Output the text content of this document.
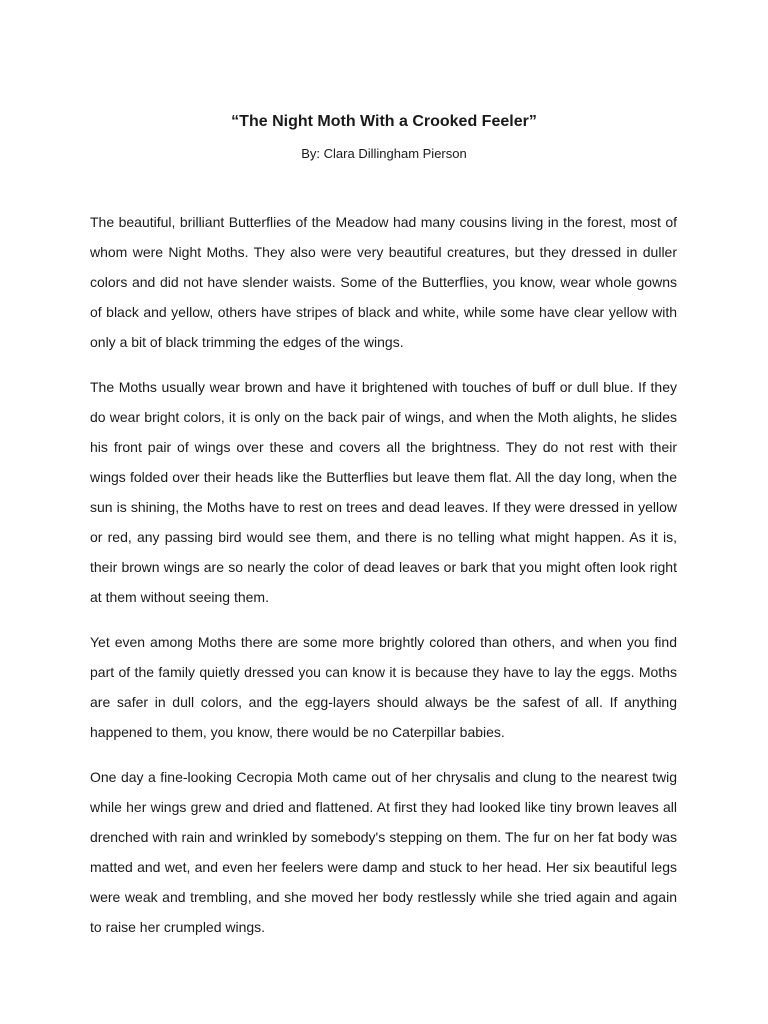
“The Night Moth With a Crooked Feeler”

By: Clara Dillingham Pierson

The beautiful, brilliant Butterflies of the Meadow had many cousins living in the forest, most of whom were Night Moths. They also were very beautiful creatures, but they dressed in duller colors and did not have slender waists. Some of the Butterflies, you know, wear whole gowns of black and yellow, others have stripes of black and white, while some have clear yellow with only a bit of black trimming the edges of the wings.

The Moths usually wear brown and have it brightened with touches of buff or dull blue. If they do wear bright colors, it is only on the back pair of wings, and when the Moth alights, he slides his front pair of wings over these and covers all the brightness. They do not rest with their wings folded over their heads like the Butterflies but leave them flat. All the day long, when the sun is shining, the Moths have to rest on trees and dead leaves. If they were dressed in yellow or red, any passing bird would see them, and there is no telling what might happen. As it is, their brown wings are so nearly the color of dead leaves or bark that you might often look right at them without seeing them.

Yet even among Moths there are some more brightly colored than others, and when you find part of the family quietly dressed you can know it is because they have to lay the eggs. Moths are safer in dull colors, and the egg-layers should always be the safest of all. If anything happened to them, you know, there would be no Caterpillar babies.

One day a fine-looking Cecropia Moth came out of her chrysalis and clung to the nearest twig while her wings grew and dried and flattened. At first they had looked like tiny brown leaves all drenched with rain and wrinkled by somebody's stepping on them. The fur on her fat body was matted and wet, and even her feelers were damp and stuck to her head. Her six beautiful legs were weak and trembling, and she moved her body restlessly while she tried again and again to raise her crumpled wings.
